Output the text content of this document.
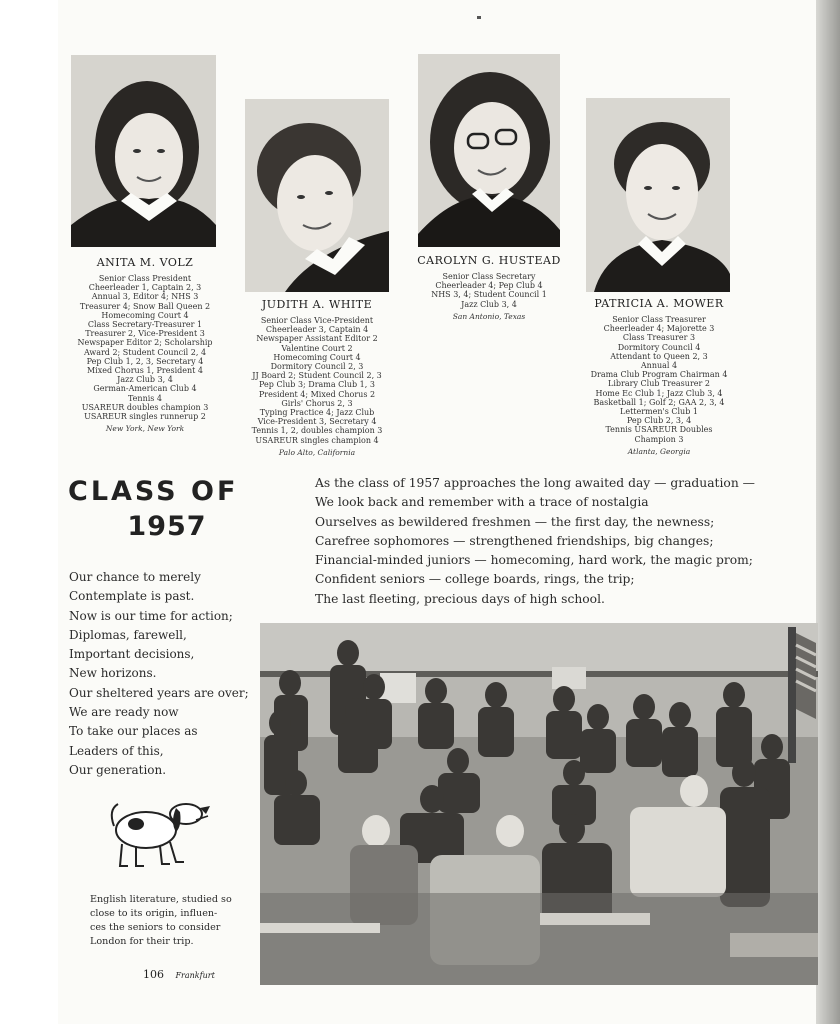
ANITA M. VOLZ
Senior Class President
Cheerleader 1, Captain 2, 3
Annual 3, Editor 4; NHS 3
Treasurer 4; Snow Ball Queen 2
Homecoming Court 4
Class Secretary-Treasurer 1
Treasurer 2, Vice-President 3
Newspaper Editor 2; Scholarship
Award 2; Student Council 2, 4
Pep Club 1, 2, 3, Secretary 4
Mixed Chorus 1, President 4
Jazz Club 3, 4
German-American Club 4
Tennis 4
USAREUR doubles champion 3
USAREUR singles runnerup 2
New York, New York
JUDITH A. WHITE
Senior Class Vice-President
Cheerleader 3, Captain 4
Newspaper Assistant Editor 2
Valentine Court 2
Homecoming Court 4
Dormitory Council 2, 3
JJ Board 2; Student Council 2, 3
Pep Club 3; Drama Club 1, 3
President 4; Mixed Chorus 2
Girls' Chorus 2, 3
Typing Practice 4; Jazz Club
Vice-President 3, Secretary 4
Tennis 1, 2, doubles champion 3
USAREUR singles champion 4
Palo Alto, California
CAROLYN G. HUSTEAD
Senior Class Secretary
Cheerleader 4; Pep Club 4
NHS 3, 4; Student Council 1
Jazz Club 3, 4
San Antonio, Texas
PATRICIA A. MOWER
Senior Class Treasurer
Cheerleader 4; Majorette 3
Class Treasurer 3
Dormitory Council 4
Attendant to Queen 2, 3
Annual 4
Drama Club Program Chairman 4
Library Club Treasurer 2
Home Ec Club 1; Jazz Club 3, 4
Basketball 1; Golf 2; GAA 2, 3, 4
Lettermen's Club 1
Pep Club 2, 3, 4
Tennis USAREUR Doubles
Champion 3
Atlanta, Georgia
CLASS OF
1957
Our chance to merely
Contemplate is past.
Now is our time for action;
Diplomas, farewell,
Important decisions,
New horizons.
Our sheltered years are over;
We are ready now
To take our places as
Leaders of this,
Our generation.
As the class of 1957 approaches the long awaited day — graduation —
We look back and remember with a trace of nostalgia
Ourselves as bewildered freshmen — the first day, the newness;
Carefree sophomores — strengthened friendships, big changes;
Financial-minded juniors — homecoming, hard work, the magic prom;
Confident seniors — college boards, rings, the trip;
The last fleeting, precious days of high school.
English literature, studied so
close to its origin, influen-
ces the seniors to consider
London for their trip.
106 Frankfurt
